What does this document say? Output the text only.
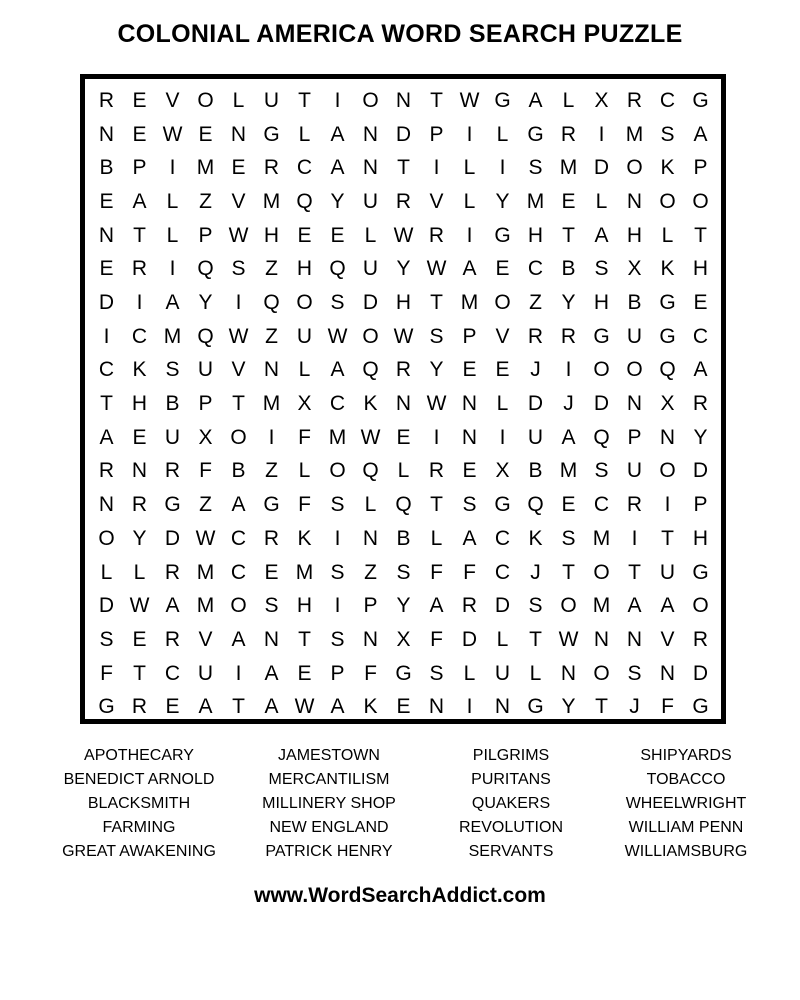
COLONIAL AMERICA WORD SEARCH PUZZLE
R E V O L U T	I	O N T W G A L X R C G
N E W E N G L A N D P	I	L G R	I	M S A
B P	I	M E R C A N T	I	L	I	S M D O K P
E A L Z V M Q Y U R V L Y M E L N O O
N T L P W H E E L W R	I	G H T A H L T
E R	I	Q S Z H Q U Y W A E C B S X K H
D	I	A Y	I	Q O S D H T M O Z Y H B G E
I	C M Q W Z U W O W S P V R R G U G C
C K S U V N L A Q R Y E E J	I	O O Q A
T H B P T M X C K N W N L D J D N X R
A E U X O	I	F M W E	I	N	I	U A Q P N Y
R N R F B Z L O Q L R E X B M S U O D
N R G Z A G F S L Q T S G Q E C R	I	P
O Y D W C R K	I	N B L A C K S M	I	T H
L	L R M C E M S Z S F F C J	T O T U G
D W A M O S H	I	P Y A R D S O M A A O
S E R V A N T S N X F D L T W N N V R
F T C U	I	A E P F G S L U L N O S N D
G R E A T A W A K E N	I	N G Y T	J	F G
APOTHECARY
BENEDICT ARNOLD
BLACKSMITH
FARMING
GREAT AWAKENING
JAMESTOWN
MERCANTILISM
MILLINERY SHOP
NEW ENGLAND
PATRICK HENRY
PILGRIMS
PURITANS
QUAKERS
REVOLUTION
SERVANTS
SHIPYARDS
TOBACCO
WHEELWRIGHT
WILLIAM PENN
WILLIAMSBURG
www.WordSearchAddict.com
